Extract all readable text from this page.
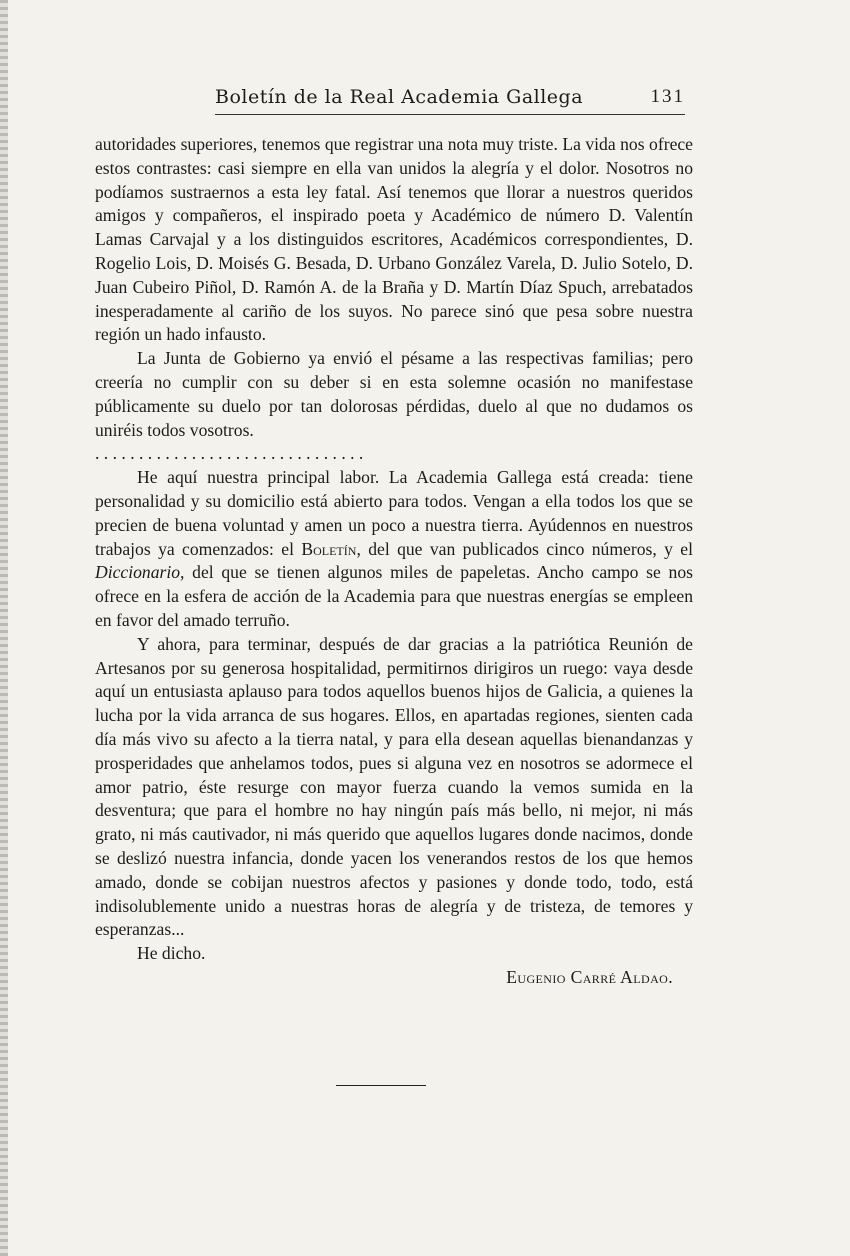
Boletín de la Real Academia Gallega	131

autoridades superiores, tenemos que registrar una nota muy triste. La vida nos ofrece estos contrastes: casi siempre en ella van unidos la alegría y el dolor. Nosotros no podíamos sustraernos a esta ley fatal. Así tenemos que llorar a nuestros queridos amigos y compañeros, el inspirado poeta y Académico de número D. Valentín Lamas Carvajal y a los distinguidos escritores, Académicos correspondientes, D. Rogelio Lois, D. Moisés G. Besada, D. Urbano González Varela, D. Julio Sotelo, D. Juan Cubeiro Piñol, D. Ramón A. de la Braña y D. Martín Díaz Spuch, arrebatados inesperadamente al cariño de los suyos. No parece sinó que pesa sobre nuestra región un hado infausto.

La Junta de Gobierno ya envió el pésame a las respectivas familias; pero creería no cumplir con su deber si en esta solemne ocasión no manifestase públicamente su duelo por tan dolorosas pérdidas, duelo al que no dudamos os uniréis todos vosotros.

. . . . . . . . . . . . . . . . . . . . . . . . . . . . . . .

He aquí nuestra principal labor. La Academia Gallega está creada: tiene personalidad y su domicilio está abierto para todos. Vengan a ella todos los que se precien de buena voluntad y amen un poco a nuestra tierra. Ayúdennos en nuestros trabajos ya comenzados: el Boletín, del que van publicados cinco números, y el Diccionario, del que se tienen algunos miles de papeletas. Ancho campo se nos ofrece en la esfera de acción de la Academia para que nuestras energías se empleen en favor del amado terruño.

Y ahora, para terminar, después de dar gracias a la patriótica Reunión de Artesanos por su generosa hospitalidad, permitirnos dirigiros un ruego: vaya desde aquí un entusiasta aplauso para todos aquellos buenos hijos de Galicia, a quienes la lucha por la vida arranca de sus hogares. Ellos, en apartadas regiones, sienten cada día más vivo su afecto a la tierra natal, y para ella desean aquellas bienandanzas y prosperidades que anhelamos todos, pues si alguna vez en nosotros se adormece el amor patrio, éste resurge con mayor fuerza cuando la vemos sumida en la desventura; que para el hombre no hay ningún país más bello, ni mejor, ni más grato, ni más cautivador, ni más querido que aquellos lugares donde nacimos, donde se deslizó nuestra infancia, donde yacen los venerandos restos de los que hemos amado, donde se cobijan nuestros afectos y pasiones y donde todo, todo, está indisolublemente unido a nuestras horas de alegría y de tristeza, de temores y esperanzas...

He dicho.

Eugenio Carré Aldao.
